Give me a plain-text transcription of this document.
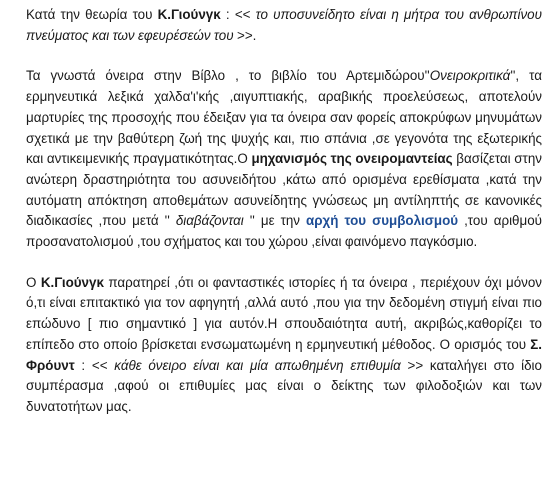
Κατά την θεωρία του Κ.Γιούνγκ : << το υποσυνείδητο είναι η μήτρα του ανθρωπίνου πνεύματος και των εφευρέσεών του >>.

Τα γνωστά όνειρα στην Βίβλο , το βιβλίο του Αρτεμιδώρου''Ονειροκριτικά'', τα ερμηνευτικά λεξικά χαλδα'ι'κής ,αιγυπτιακής, αραβικής προελεύσεως, αποτελούν μαρτυρίες της προσοχής που έδειξαν για τα όνειρα σαν φορείς αποκρύφων μηνυμάτων σχετικά με την βαθύτερη ζωή της ψυχής και, πιο σπάνια ,σε γεγονότα της εξωτερικής και αντικειμενικής πραγματικότητας.Ο μηχανισμός της ονειρομαντείας βασίζεται στην ανώτερη δραστηριότητα του ασυνειδήτου ,κάτω από ορισμένα ερεθίσματα ,κατά την αυτόματη απόκτηση αποθεμάτων ασυνείδητης γνώσεως μη αντίληπτής σε κανονικές διαδικασίες ,που μετά '' διαβάζονται '' με την αρχή του συμβολισμού ,του αριθμού προσανατολισμού ,του σχήματος και του χώρου ,είναι φαινόμενο παγκόσμιο.

Ο Κ.Γιούνγκ παρατηρεί ,ότι οι φανταστικές ιστορίες ή τα όνειρα , περιέχουν όχι μόνον ό,τι είναι επιτακτικό για τον αφηγητή ,αλλά αυτό ,που για την δεδομένη στιγμή είναι πιο επώδυνο [ πιο σημαντικό ] για αυτόν.Η σπουδαιότητα αυτή, ακριβώς,καθορίζει το επίπεδο στο οποίο βρίσκεται ενσωματωμένη η ερμηνευτική μέθοδος. Ο ορισμός του Σ. Φρόυντ : << κάθε όνειρο είναι και μία απωθημένη επιθυμία >> καταλήγει στο ίδιο συμπέρασμα ,αφού οι επιθυμίες μας είναι ο δείκτης των φιλοδοξιών και των δυνατοτήτων μας.
